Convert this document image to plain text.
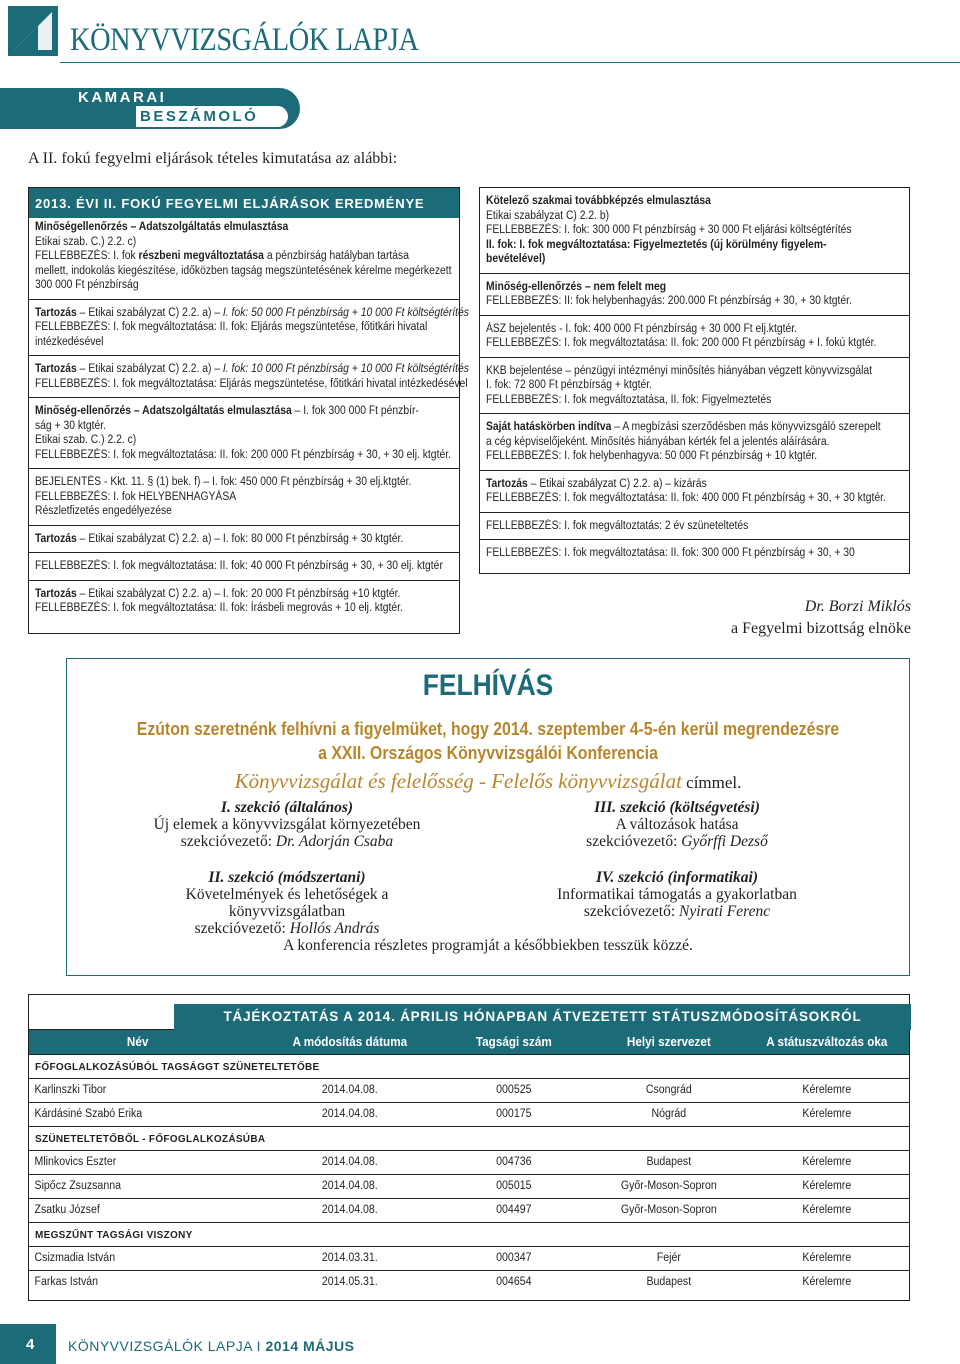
KÖNYVVIZSGÁLÓK LAPJA
KAMARAI
BESZÁMOLÓ
A II. fokú fegyelmi eljárások tételes kimutatása az alábbi:
2013. ÉVI II. FOKÚ FEGYELMI ELJÁRÁSOK EREDMÉNYE
Minőségellenőrzés – Adatszolgáltatás elmulasztása
Etikai szab. C.) 2.2. c)
FELLEBBEZÉS: I. fok részbeni megváltoztatása a pénzbírság hatályban tartása
mellett, indokolás kiegészítése, időközben tagság megszüntetésének kérelme megérkezett
300 000 Ft pénzbírság
Tartozás – Etikai szabályzat C) 2.2. a) – I. fok: 50 000 Ft pénzbírság + 10 000 Ft költségtérítés
FELLEBBEZÉS: I. fok megváltoztatása: II. fok: Eljárás megszüntetése, főtitkári hivatal
intézkedésével
Tartozás – Etikai szabályzat C) 2.2. a) – I. fok: 10 000 Ft pénzbírság + 10 000 Ft költségtérítés
FELLEBBEZÉS: I. fok megváltoztatása: Eljárás megszüntetése, főtitkári hivatal intézkedésével
Minőség-ellenőrzés – Adatszolgáltatás elmulasztása – I. fok 300 000 Ft pénzbír-
ság + 30 ktgtér.
Etikai szab. C.) 2.2. c)
FELLEBBEZÉS: I. fok megváltoztatása: II. fok: 200 000 Ft pénzbírság + 30, + 30 elj. ktgtér.
BEJELENTÉS - Kkt. 11. § (1) bek. f) – I. fok: 450 000 Ft pénzbírság + 30 elj.ktgtér.
FELLEBBEZÉS: I. fok HELYBENHAGYÁSA
Részletfizetés engedélyezése
Tartozás – Etikai szabályzat C) 2.2. a) – I. fok: 80 000 Ft pénzbírság + 30 ktgtér.
FELLEBBEZÉS: I. fok megváltoztatása: II. fok: 40 000 Ft pénzbírság + 30, + 30 elj. ktgtér
Tartozás – Etikai szabályzat C) 2.2. a) – I. fok: 20 000 Ft pénzbírság +10 ktgtér.
FELLEBBEZÉS: I. fok megváltoztatása: II. fok: Írásbeli megrovás + 10 elj. ktgtér.
Kötelező szakmai továbbképzés elmulasztása
Etikai szabályzat C) 2.2. b)
FELLEBBEZÉS: I. fok: 300 000 Ft pénzbírság + 30 000 Ft eljárási költségtérítés
II. fok: I. fok megváltoztatása: Figyelmeztetés (új körülmény figyelem-
bevételével)
Minőség-ellenőrzés – nem felelt meg
FELLEBBEZÉS: II: fok helybenhagyás: 200.000 Ft pénzbírság + 30, + 30 ktgtér.
ÁSZ bejelentés - I. fok: 400 000 Ft pénzbírság + 30 000 Ft elj.ktgtér.
FELLEBBEZÉS: I. fok megváltoztatása: II. fok: 200 000 Ft pénzbírság + I. fokú ktgtér.
KKB bejelentése – pénzügyi intézményi minősítés hiányában végzett könyvvizsgálat
I. fok: 72 800 Ft pénzbírság + ktgtér.
FELLEBBEZÉS: I. fok megváltoztatása, II. fok: Figyelmeztetés
Saját hatáskörben indítva – A megbízási szerződésben más könyvvizsgáló szerepelt
a cég képviselőjeként. Minősítés hiányában kérték fel a jelentés aláírására.
FELLEBBEZÉS: I. fok helybenhagyva: 50 000 Ft pénzbírság + 10 ktgtér.
Tartozás – Etikai szabályzat C) 2.2. a) – kizárás
FELLEBBEZÉS: I. fok megváltoztatása: II. fok: 400 000 Ft pénzbírság + 30, + 30 ktgtér.
FELLEBBEZÉS: I. fok megváltoztatás: 2 év szüneteltetés
FELLEBBEZÉS: I. fok megváltoztatása: II. fok: 300 000 Ft pénzbírság + 30, + 30
Dr. Borzi Miklós
a Fegyelmi bizottság elnöke
FELHÍVÁS
Ezúton szeretnénk felhívni a figyelmüket, hogy 2014. szeptember 4-5-én kerül megrendezésre
a XXII. Országos Könyvvizsgálói Konferencia
Könyvvizsgálat és felelősség - Felelős könyvvizsgálat címmel.
I. szekció (általános)
Új elemek a könyvvizsgálat környezetében
szekcióvezető: Dr. Adorján Csaba
II. szekció (módszertani)
Követelmények és lehetőségek a könyvvizsgálatban
szekcióvezető: Hollós András
III. szekció (költségvetési)
A változások hatása
szekcióvezető: Győrffi Dezső
IV. szekció (informatikai)
Informatikai támogatás a gyakorlatban
szekcióvezető: Nyirati Ferenc
A konferencia részletes programját a későbbiekben tesszük közzé.
TÁJÉKOZTATÁS A 2014. ÁPRILIS HÓNAPBAN ÁTVEZETETT STÁTUSZMÓDOSÍTÁSOKRÓL
Név	A módosítás dátuma	Tagsági szám	Helyi szervezet	A státuszváltozás oka
FŐFOGLALKOZÁSÚBÓL TAGSÁGGT SZÜNETELTETŐBE
Karlinszki Tibor	2014.04.08.	000525	Csongrád	Kérelemre
Kárdásiné Szabó Erika	2014.04.08.	000175	Nógrád	Kérelemre
SZÜNETELTETŐBŐL - FŐFOGLALKOZÁSÚBA
Mlinkovics Eszter	2014.04.08.	004736	Budapest	Kérelemre
Sipőcz Zsuzsanna	2014.04.08.	005015	Győr-Moson-Sopron	Kérelemre
Zsatku József	2014.04.08.	004497	Győr-Moson-Sopron	Kérelemre
MEGSZŰNT TAGSÁGI VISZONY
Csizmadia István	2014.03.31.	000347	Fejér	Kérelemre
Farkas István	2014.05.31.	004654	Budapest	Kérelemre
4	KÖNYVVIZSGÁLÓK LAPJA I 2014 MÁJUS
